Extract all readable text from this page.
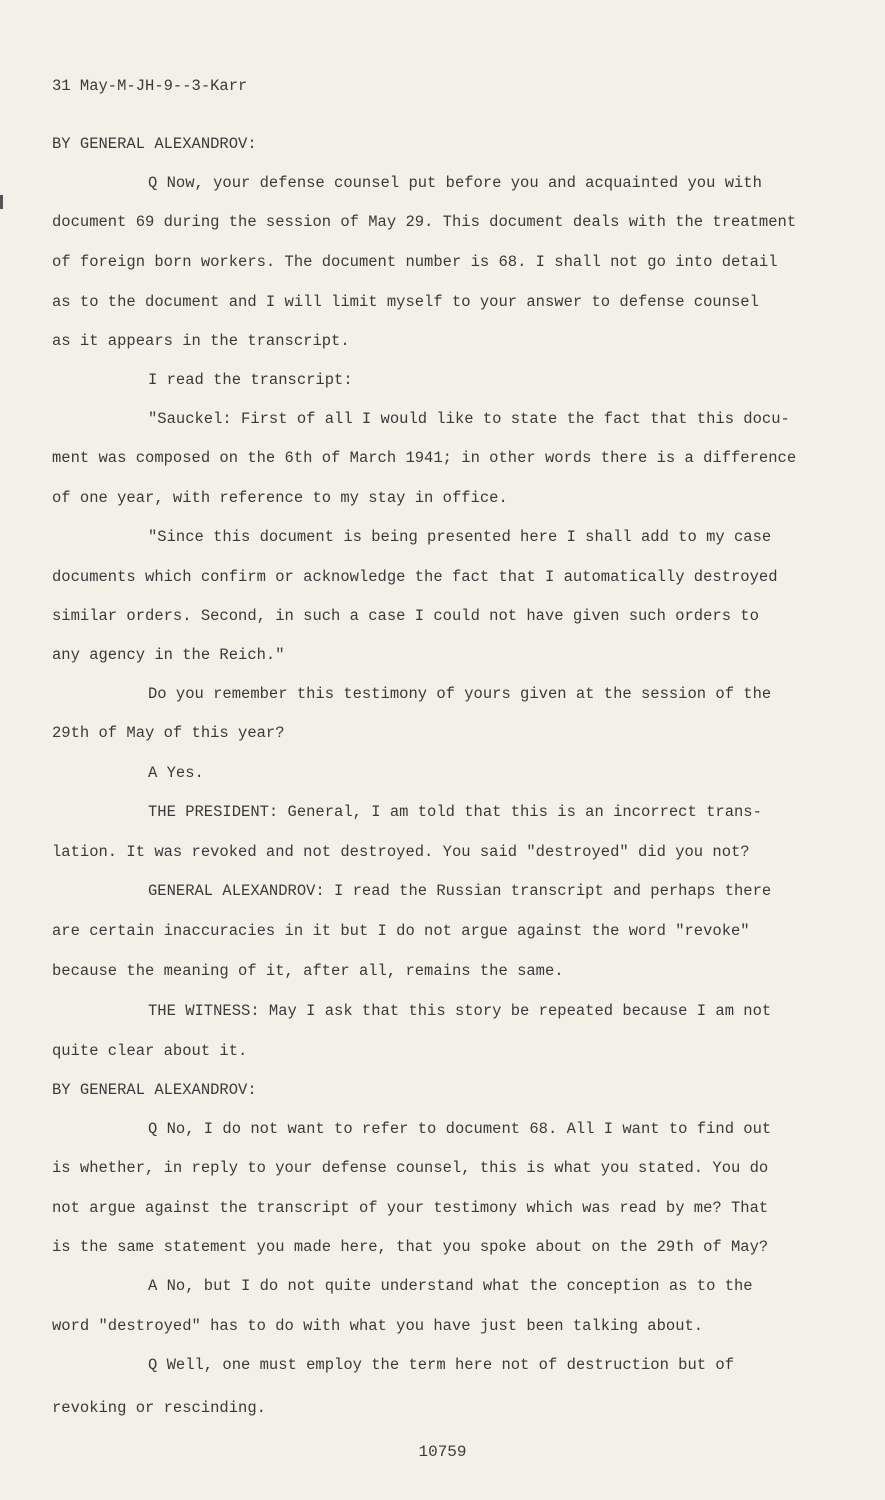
31 May-M-JH-9--3-Karr
BY GENERAL ALEXANDROV:
Q Now, your defense counsel put before you and acquainted you with
document 69 during the session of May 29. This document deals with the treatment
of foreign born workers. The document number is 68. I shall not go into detail
as to the document and I will limit myself to your answer to defense counsel
as it appears in the transcript.
I read the transcript:
"Sauckel: First of all I would like to state the fact that this docu-
ment was composed on the 6th of March 1941; in other words there is a difference
of one year, with reference to my stay in office.
"Since this document is being presented here I shall add to my case
documents which confirm or acknowledge the fact that I automatically destroyed
similar orders. Second, in such a case I could not have given such orders to
any agency in the Reich."
Do you remember this testimony of yours given at the session of the
29th of May of this year?
A Yes.
THE PRESIDENT: General, I am told that this is an incorrect trans-
lation. It was revoked and not destroyed. You said "destroyed" did you not?
GENERAL ALEXANDROV: I read the Russian transcript and perhaps there
are certain inaccuracies in it but I do not argue against the word "revoke"
because the meaning of it, after all, remains the same.
THE WITNESS: May I ask that this story be repeated because I am not
quite clear about it.
BY GENERAL ALEXANDROV:
Q No, I do not want to refer to document 68. All I want to find out
is whether, in reply to your defense counsel, this is what you stated. You do
not argue against the transcript of your testimony which was read by me? That
is the same statement you made here, that you spoke about on the 29th of May?
A No, but I do not quite understand what the conception as to the
word "destroyed" has to do with what you have just been talking about.
Q Well, one must employ the term here not of destruction but of
revoking or rescinding.
10759
